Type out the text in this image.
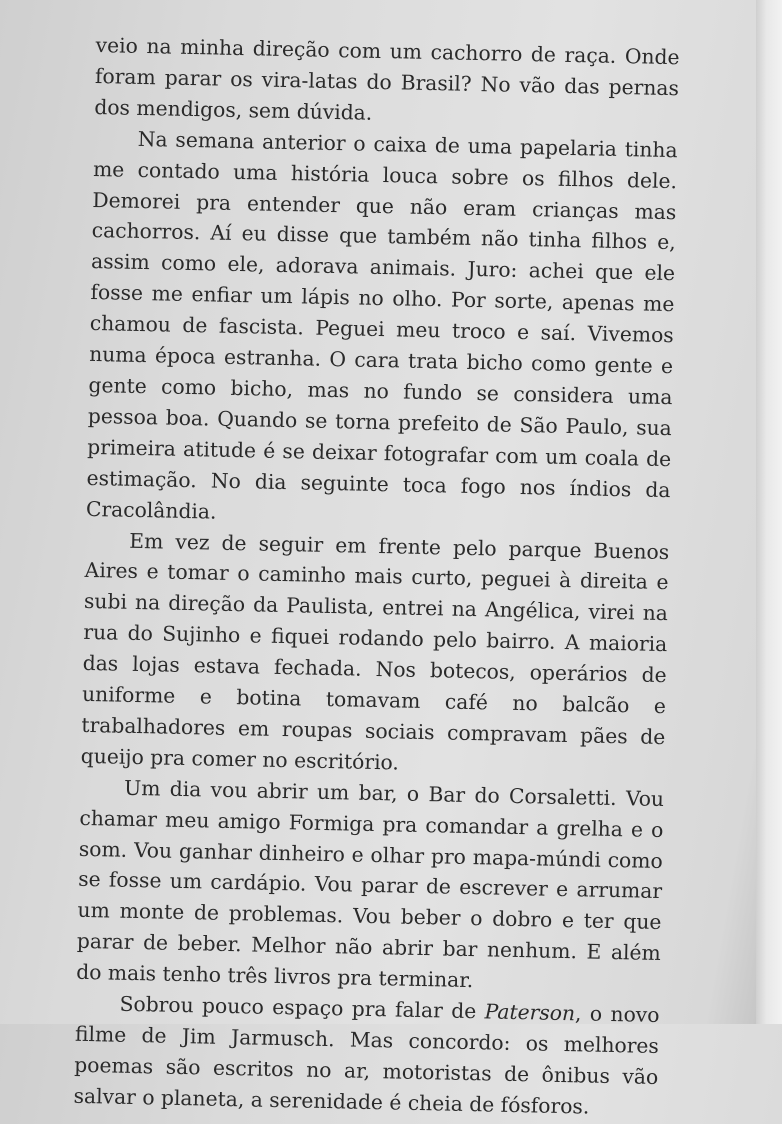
veio na minha direção com um cachorro de raça. Onde foram parar os vira-latas do Brasil? No vão das pernas dos mendigos, sem dúvida.

Na semana anterior o caixa de uma papelaria tinha me contado uma história louca sobre os filhos dele. Demorei pra entender que não eram crianças mas cachorros. Aí eu disse que também não tinha filhos e, assim como ele, adorava animais. Juro: achei que ele fosse me enfiar um lápis no olho. Por sorte, apenas me chamou de fascista. Peguei meu troco e saí. Vivemos numa época estranha. O cara trata bicho como gente e gente como bicho, mas no fundo se considera uma pessoa boa. Quando se torna prefeito de São Paulo, sua primeira atitude é se deixar fotografar com um coala de estimação. No dia seguinte toca fogo nos índios da Cracolândia.

Em vez de seguir em frente pelo parque Buenos Aires e tomar o caminho mais curto, peguei à direita e subi na direção da Paulista, entrei na Angélica, virei na rua do Sujinho e fiquei rodando pelo bairro. A maioria das lojas estava fechada. Nos botecos, operários de uniforme e botina tomavam café no balcão e trabalhadores em roupas sociais compravam pães de queijo pra comer no escritório.

Um dia vou abrir um bar, o Bar do Corsaletti. Vou chamar meu amigo Formiga pra comandar a grelha e o som. Vou ganhar dinheiro e olhar pro mapa-múndi como se fosse um cardápio. Vou parar de escrever e arrumar um monte de problemas. Vou beber o dobro e ter que parar de beber. Melhor não abrir bar nenhum. E além do mais tenho três livros pra terminar.

Sobrou pouco espaço pra falar de Paterson, o novo filme de Jim Jarmusch. Mas concordo: os melhores poemas são escritos no ar, motoristas de ônibus vão salvar o planeta, a serenidade é cheia de fósforos.
